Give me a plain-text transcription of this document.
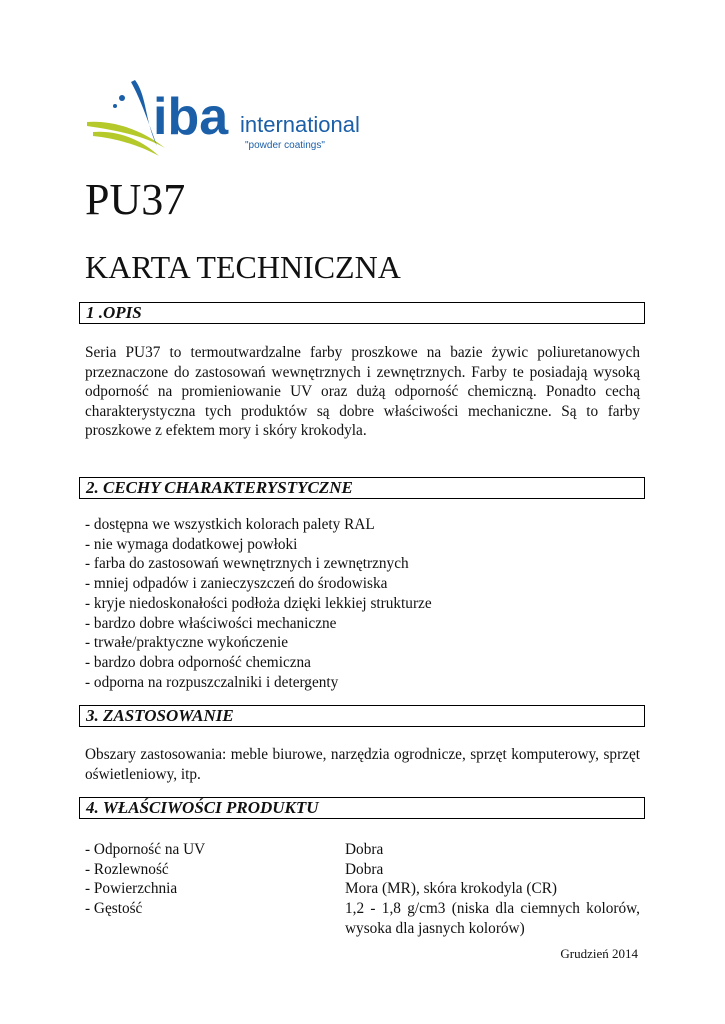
iba international
"powder coatings"
PU37
KARTA TECHNICZNA
1 .OPIS

Seria PU37 to termoutwardzalne farby proszkowe na bazie żywic poliuretanowych przeznaczone do zastosowań wewnętrznych i zewnętrznych. Farby te posiadają wysoką odporność na promieniowanie UV oraz dużą odporność chemiczną. Ponadto cechą charakterystyczna tych produktów są dobre właściwości mechaniczne. Są to farby proszkowe z efektem mory i skóry krokodyla.

2. CECHY CHARAKTERYSTYCZNE
- dostępna we wszystkich kolorach palety RAL
- nie wymaga dodatkowej powłoki
- farba do zastosowań wewnętrznych i zewnętrznych
- mniej odpadów i zanieczyszczeń do środowiska
- kryje niedoskonałości podłoża dzięki lekkiej strukturze
- bardzo dobre właściwości mechaniczne
- trwałe/praktyczne wykończenie
- bardzo dobra odporność chemiczna
- odporna na rozpuszczalniki i detergenty
3. ZASTOSOWANIE

Obszary zastosowania: meble biurowe, narzędzia ogrodnicze, sprzęt komputerowy, sprzęt oświetleniowy, itp.

4. WŁAŚCIWOŚCI PRODUKTU
- Odporność na UV	Dobra
- Rozlewność	Dobra
- Powierzchnia	Mora (MR), skóra krokodyla (CR)
- Gęstość	1,2 - 1,8 g/cm3 (niska dla ciemnych kolorów, wysoka dla jasnych kolorów)
Grudzień 2014
